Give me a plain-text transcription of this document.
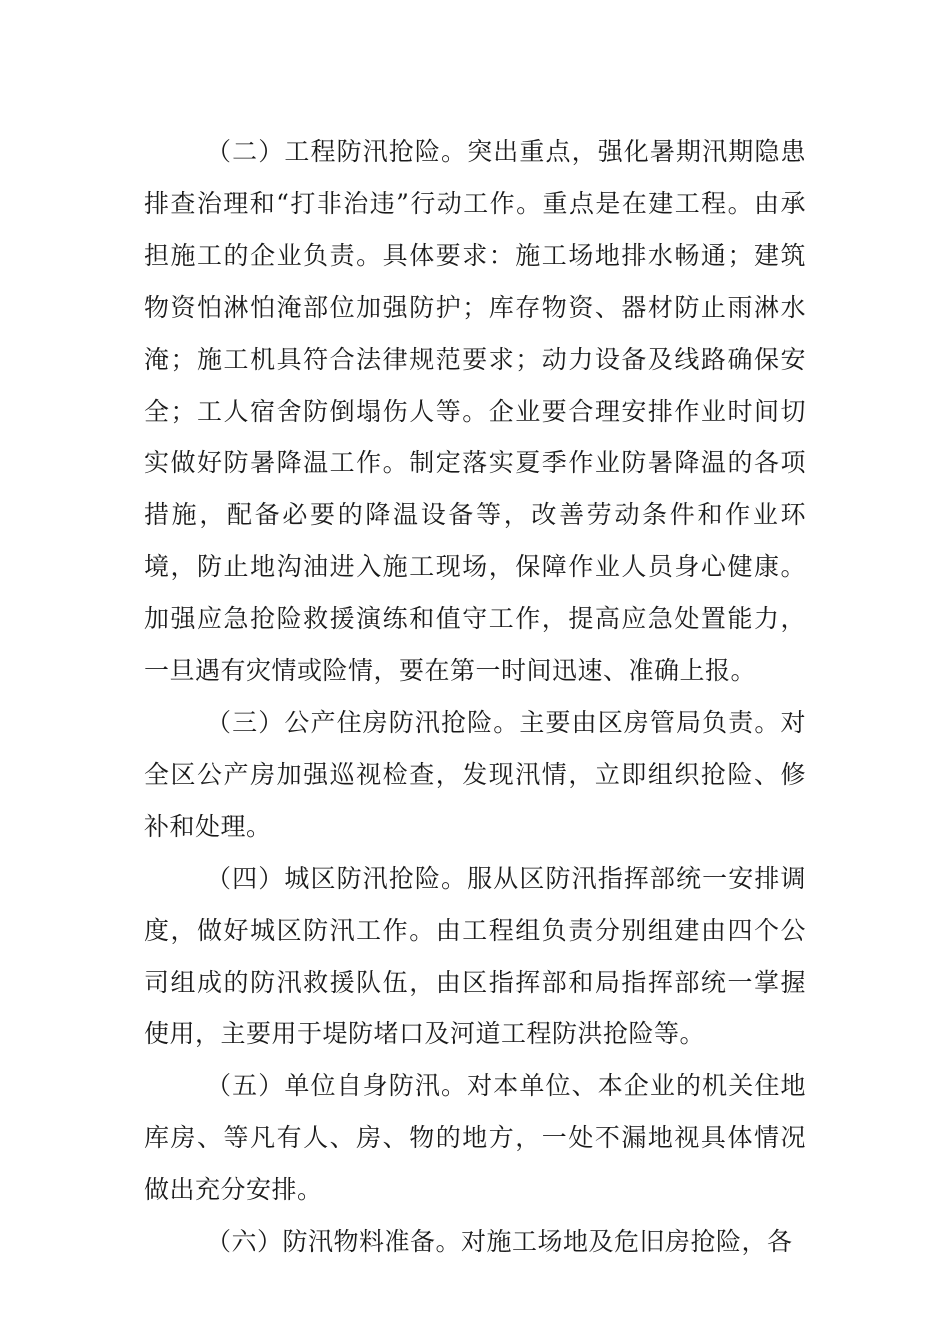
（二）工程防汛抢险。突出重点，强化暑期汛期隐患排查治理和“打非治违”行动工作。重点是在建工程。由承担施工的企业负责。具体要求：施工场地排水畅通；建筑物资怕淋怕淹部位加强防护；库存物资、器材防止雨淋水淹；施工机具符合法律规范要求；动力设备及线路确保安全；工人宿舍防倒塌伤人等。企业要合理安排作业时间切实做好防暑降温工作。制定落实夏季作业防暑降温的各项措施，配备必要的降温设备等，改善劳动条件和作业环境，防止地沟油进入施工现场，保障作业人员身心健康。加强应急抢险救援演练和值守工作，提高应急处置能力，一旦遇有灾情或险情，要在第一时间迅速、准确上报。

（三）公产住房防汛抢险。主要由区房管局负责。对全区公产房加强巡视检查，发现汛情，立即组织抢险、修补和处理。

（四）城区防汛抢险。服从区防汛指挥部统一安排调度，做好城区防汛工作。由工程组负责分别组建由四个公司组成的防汛救援队伍，由区指挥部和局指挥部统一掌握使用，主要用于堤防堵口及河道工程防洪抢险等。

（五）单位自身防汛。对本单位、本企业的机关住地库房、等凡有人、房、物的地方，一处不漏地视具体情况做出充分安排。

（六）防汛物料准备。对施工场地及危旧房抢险，各
